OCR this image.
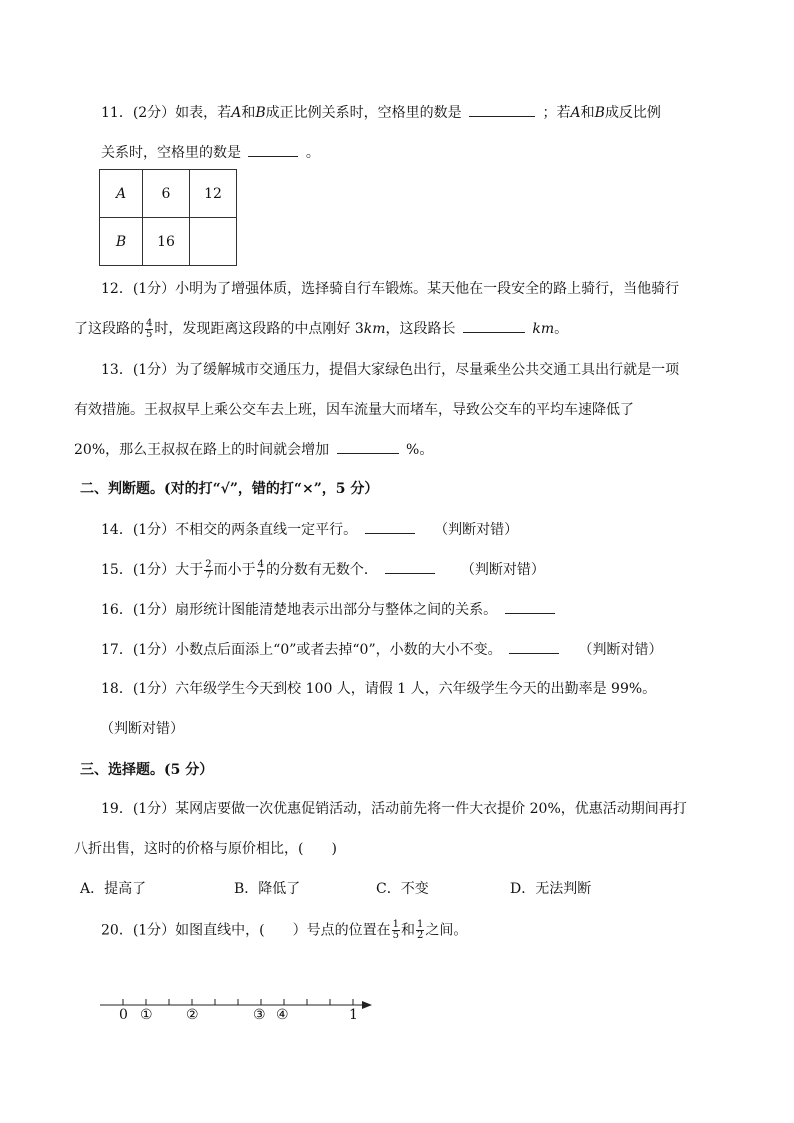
11．(2分）如表，若A和B成正比例关系时，空格里的数是	；若A和B成反比例
关系时，空格里的数是	。
A	6	12
B	16	
12．(1分）小明为了增强体质，选择骑自行车锻炼。某天他在一段安全的路上骑行，当他骑行
了这段路的 $\frac{4}{5}$ 时，发现距离这段路的中点刚好 3km，这段路长	km。
13．(1分）为了缓解城市交通压力，提倡大家绿色出行，尽量乘坐公共交通工具出行就是一项
有效措施。王叔叔早上乘公交车去上班，因车流量大而堵车，导致公交车的平均车速降低了
20%，那么王叔叔在路上的时间就会增加	%。
二、判断题。(对的打“√”，错的打“×”，5 分）
14．(1分）不相交的两条直线一定平行。	（判断对错）
15．(1分）大于 $\frac{2}{7}$ 而小于 $\frac{4}{7}$ 的分数有无数个．	（判断对错）
16．(1分）扇形统计图能清楚地表示出部分与整体之间的关系。
17．(1分）小数点后面添上“0”或者去掉“0”，小数的大小不变。	（判断对错）
18．(1分）六年级学生今天到校 100 人，请假 1 人，六年级学生今天的出勤率是 99%。
（判断对错）
三、选择题。(5 分）
19．(1分）某网店要做一次优惠促销活动，活动前先将一件大衣提价 20%，优惠活动期间再打
八折出售，这时的价格与原价相比，(　　)
A．提高了	B．降低了	C．不变	D．无法判断
20．(1分）如图直线中，(　　）号点的位置在 $\frac{1}{5}$ 和 $\frac{1}{2}$ 之间。
0 ① ②	③ ④	1
